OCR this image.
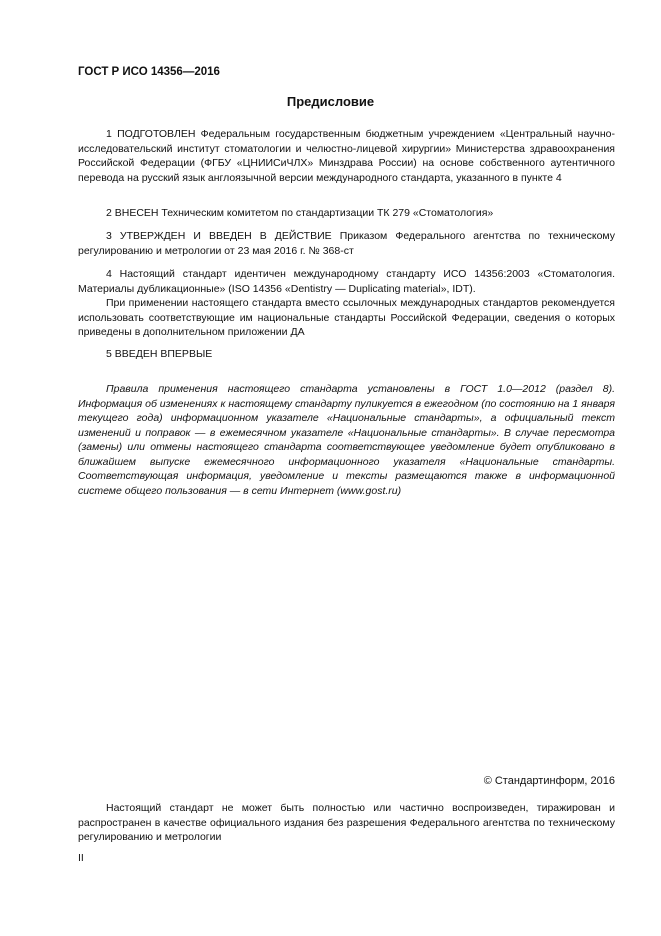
ГОСТ Р ИСО 14356—2016
Предисловие

1 ПОДГОТОВЛЕН Федеральным государственным бюджетным учреждением «Центральный научно-исследовательский институт стоматологии и челюстно-лицевой хирургии» Министерства здравоохранения Российской Федерации (ФГБУ «ЦНИИСиЧЛХ» Минздрава России) на основе собственного аутентичного перевода на русский язык англоязычной версии международного стандарта, указанного в пункте 4

2 ВНЕСЕН Техническим комитетом по стандартизации ТК 279 «Стоматология»

3 УТВЕРЖДЕН И ВВЕДЕН В ДЕЙСТВИЕ Приказом Федерального агентства по техническому регулированию и метрологии от 23 мая 2016 г. № 368-ст

4 Настоящий стандарт идентичен международному стандарту ИСО 14356:2003 «Стоматология. Материалы дубликационные» (ISO 14356 «Dentistry — Duplicating material», IDT).

При применении настоящего стандарта вместо ссылочных международных стандартов рекомендуется использовать соответствующие им национальные стандарты Российской Федерации, сведения о которых приведены в дополнительном приложении ДА

5 ВВЕДЕН ВПЕРВЫЕ

Правила применения настоящего стандарта установлены в ГОСТ 1.0—2012 (раздел 8). Информация об изменениях к настоящему стандарту пуликуется в ежегодном (по состоянию на 1 января текущего года) информационном указателе «Национальные стандарты», а официальный текст изменений и поправок — в ежемесячном указателе «Национальные стандарты». В случае пересмотра (замены) или отмены настоящего стандарта соответствующее уведомление будет опубликовано в ближайшем выпуске ежемесячного информационного указателя «Национальные стандарты. Соответствующая информация, уведомление и тексты размещаются также в информационной системе общего пользования — в сети Интернет (www.gost.ru)

© Стандартинформ, 2016

Настоящий стандарт не может быть полностью или частично воспроизведен, тиражирован и распространен в качестве официального издания без разрешения Федерального агентства по техническому регулированию и метрологии

II
